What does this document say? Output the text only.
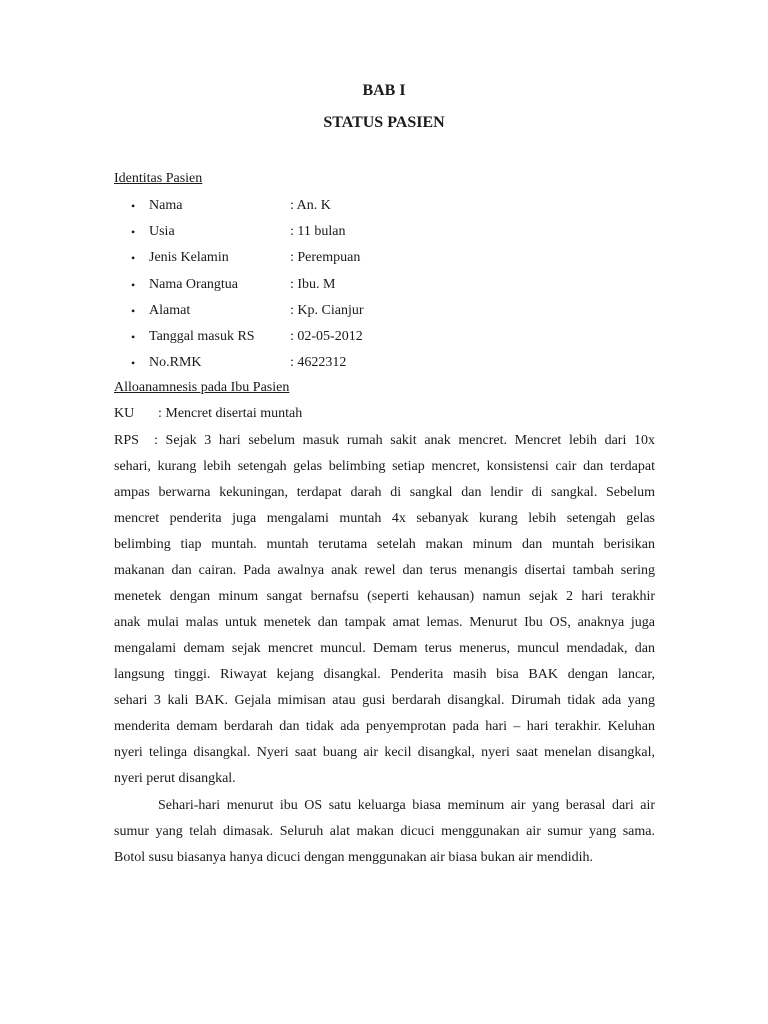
BAB I
STATUS PASIEN
Identitas Pasien
• Nama	: An. K
• Usia	: 11 bulan
• Jenis Kelamin	: Perempuan
• Nama Orangtua	: Ibu. M
• Alamat	: Kp. Cianjur
• Tanggal masuk RS	: 02-05-2012
• No.RMK	: 4622312
Alloanamnesis pada Ibu Pasien
KU : Mencret disertai muntah
RPS : Sejak 3 hari sebelum masuk rumah sakit anak mencret. Mencret lebih dari 10x
sehari, kurang lebih setengah gelas belimbing setiap mencret, konsistensi cair dan terdapat
ampas berwarna kekuningan, terdapat darah di sangkal dan lendir di sangkal. Sebelum
mencret penderita juga mengalami muntah 4x sebanyak kurang lebih setengah gelas
belimbing tiap muntah. muntah terutama setelah makan minum dan muntah berisikan
makanan dan cairan. Pada awalnya anak rewel dan terus menangis disertai tambah sering
menetek dengan minum sangat bernafsu (seperti kehausan) namun sejak 2 hari terakhir
anak mulai malas untuk menetek dan tampak amat lemas. Menurut Ibu OS, anaknya juga
mengalami demam sejak mencret muncul. Demam terus menerus, muncul mendadak, dan
langsung tinggi. Riwayat kejang disangkal. Penderita masih bisa BAK dengan lancar,
sehari 3 kali BAK. Gejala mimisan atau gusi berdarah disangkal. Dirumah tidak ada yang
menderita demam berdarah dan tidak ada penyemprotan pada hari – hari terakhir. Keluhan
nyeri telinga disangkal. Nyeri saat buang air kecil disangkal, nyeri saat menelan disangkal,
nyeri perut disangkal.
Sehari-hari menurut ibu OS satu keluarga biasa meminum air yang berasal dari air
sumur yang telah dimasak. Seluruh alat makan dicuci menggunakan air sumur yang sama.
Botol susu biasanya hanya dicuci dengan menggunakan air biasa bukan air mendidih.
